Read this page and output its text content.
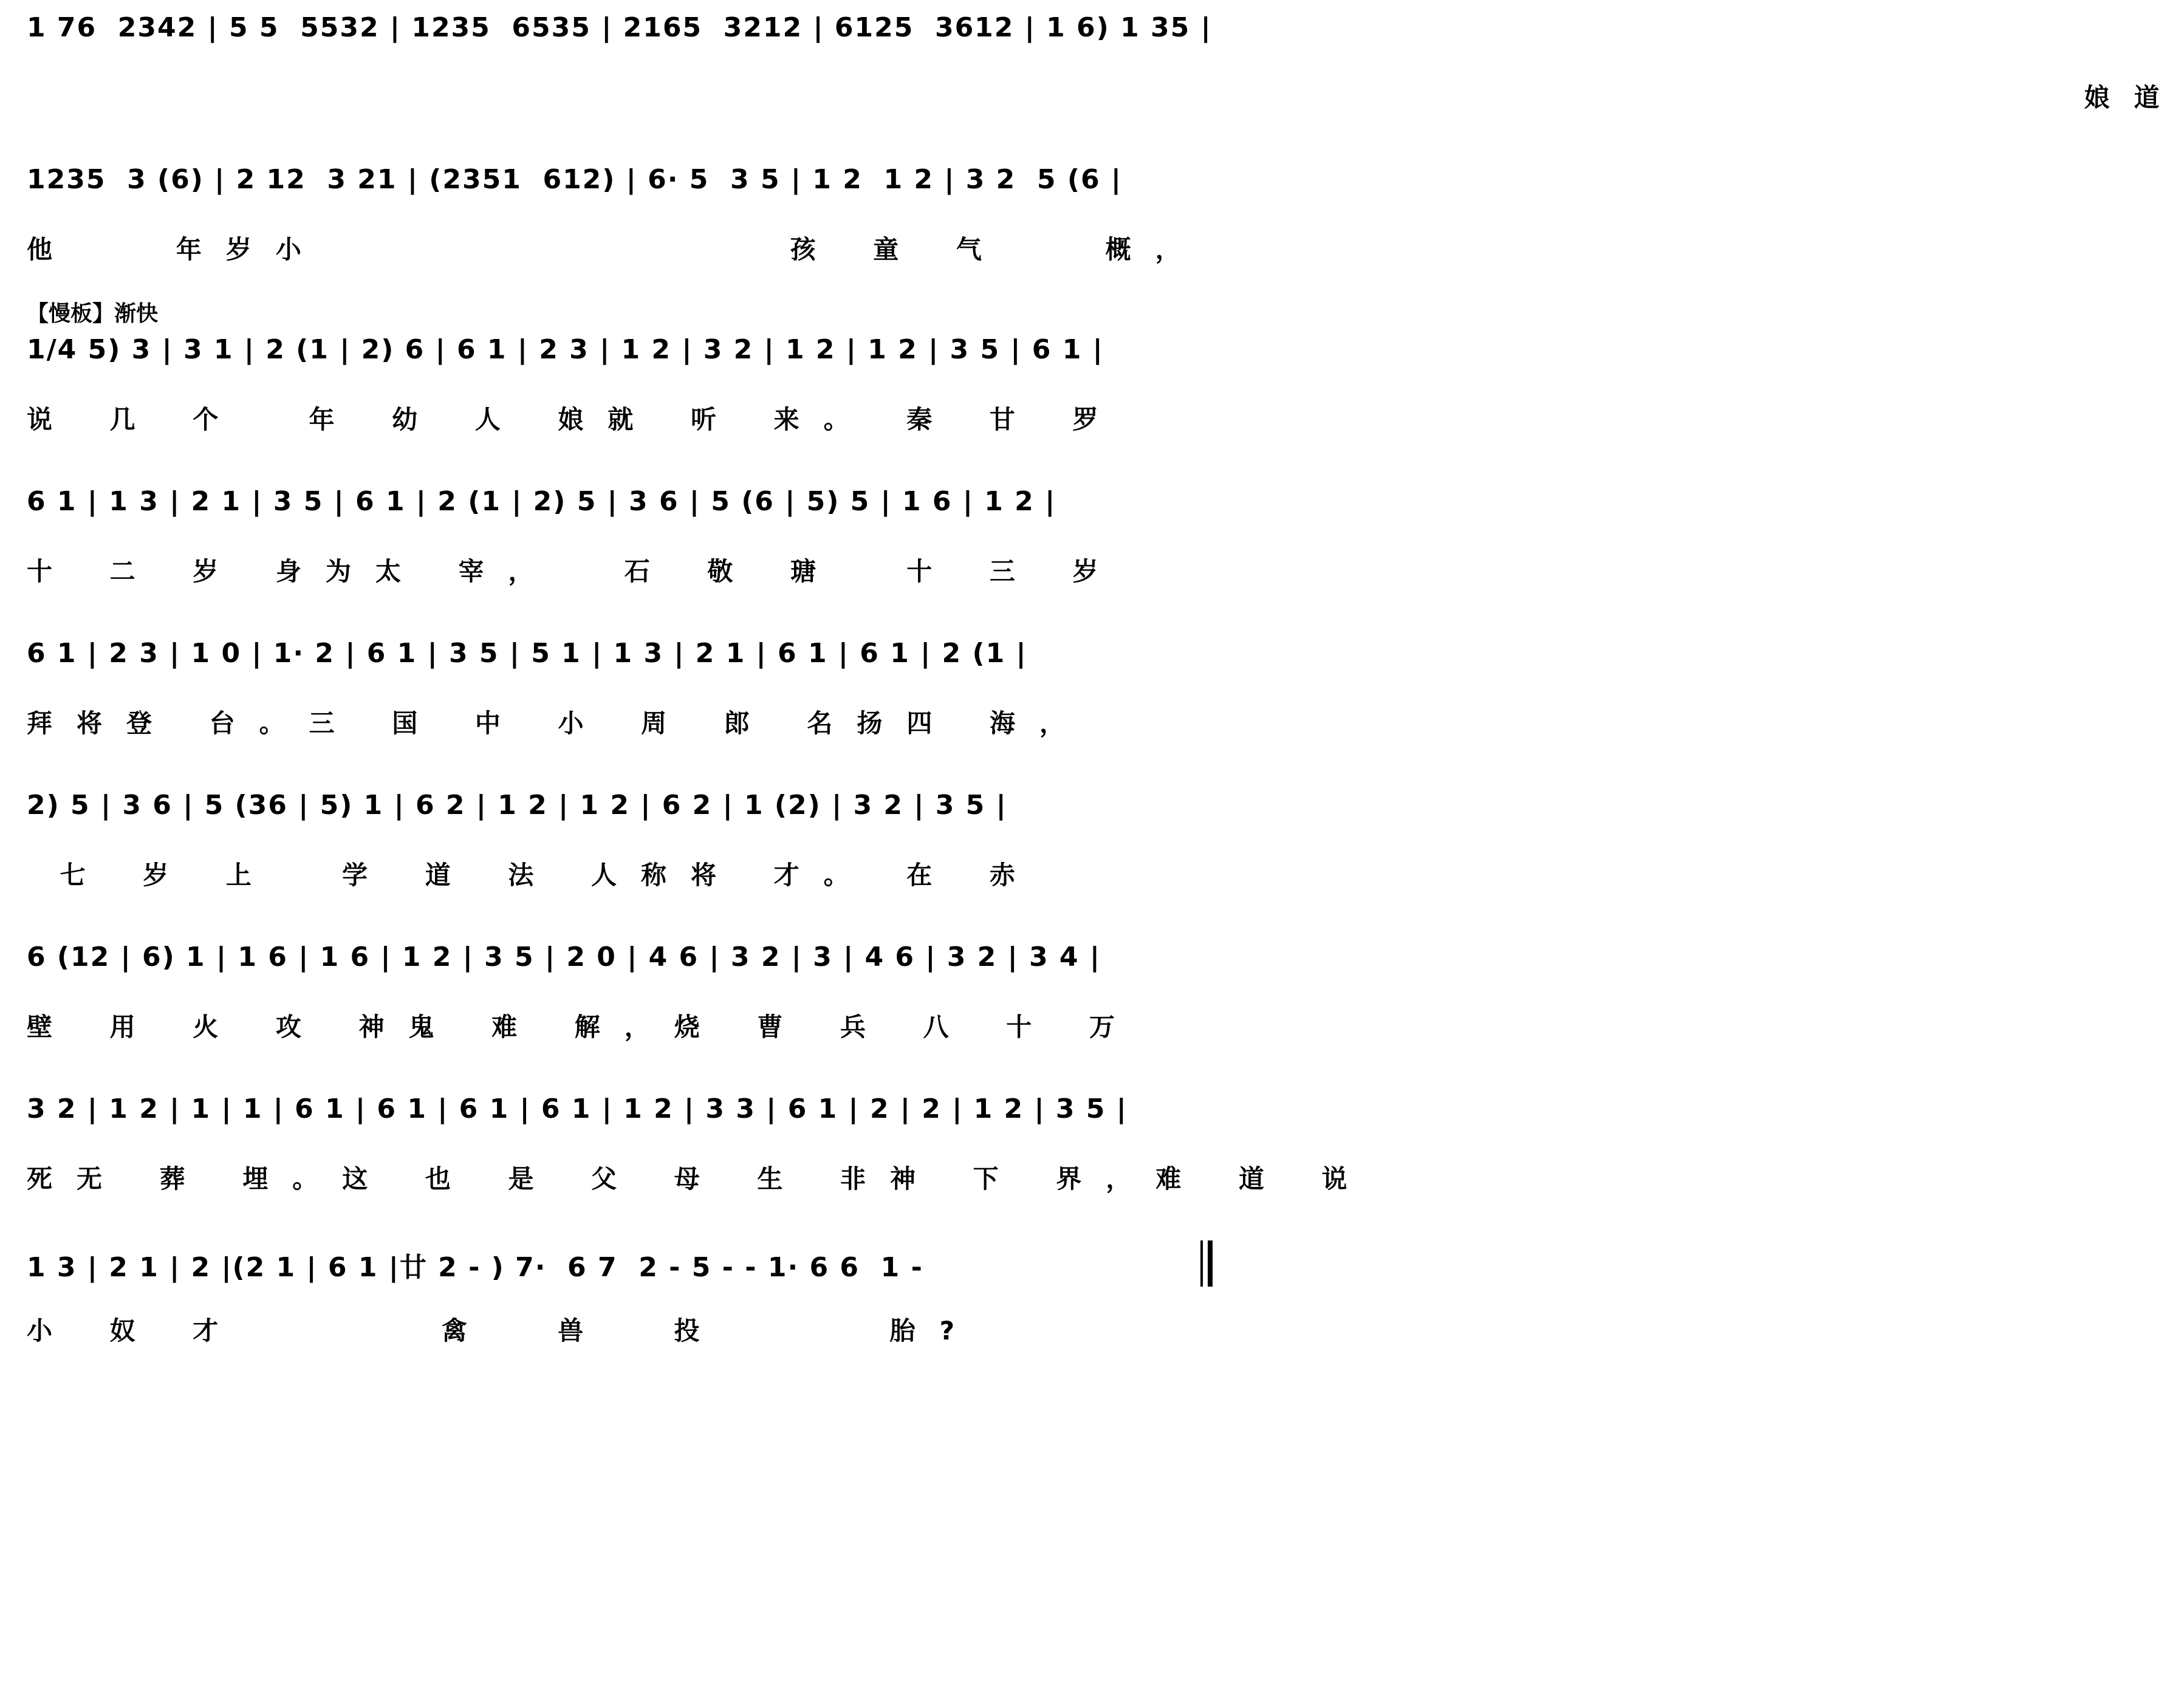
1 76  2342 | 5 5  5532 | 1235  6535 | 2165  3212 | 6125  3612 | 1 6) 1 35 |
娘道
1235  3 (6) | 2 12  3 21 | (2351  612) | 6· 5  3 5 | 1 2  1 2 | 3 2  5 (6 |
他   年岁小              孩 童 气   概，
【慢板】渐快
1/4 5) 3 | 3 1 | 2 (1 | 2) 6 | 6 1 | 2 3 | 1 2 | 3 2 | 1 2 | 1 2 | 3 5 | 6 1 |
说 几 个  年 幼 人 娘就 听 来。 秦 甘 罗
6 1 | 1 3 | 2 1 | 3 5 | 6 1 | 2 (1 | 2) 5 | 3 6 | 5 (6 | 5) 5 | 1 6 | 1 2 |
十 二 岁 身为太 宰，  石 敬 瑭  十 三 岁
6 1 | 2 3 | 1 0 | 1· 2 | 6 1 | 3 5 | 5 1 | 1 3 | 2 1 | 6 1 | 6 1 | 2 (1 |
拜将登 台。三 国 中 小 周 郎 名扬四 海，
2) 5 | 3 6 | 5 (36 | 5) 1 | 6 2 | 1 2 | 1 2 | 6 2 | 1 (2) | 3 2 | 3 5 |
七 岁 上  学 道 法 人称将 才。 在 赤
6 (12 | 6) 1 | 1 6 | 1 6 | 1 2 | 3 5 | 2 0 | 4 6 | 3 2 | 3 | 4 6 | 3 2 | 3 4 |
壁 用 火 攻 神鬼 难 解，烧 曹 兵 八 十 万
3 2 | 1 2 | 1 | 1 | 6 1 | 6 1 | 6 1 | 6 1 | 1 2 | 3 3 | 6 1 | 2 | 2 | 1 2 | 3 5 |
死无 葬 埋。这 也 是 父 母 生 非神 下 界，难 道 说
1 3 | 2 1 | 2 |(2 1 | 6 1 |廿 2 - ) 7·  6 7  2 - 5 - - 1· 6 6  1 -
小 奴 才      禽  兽  投     胎?
